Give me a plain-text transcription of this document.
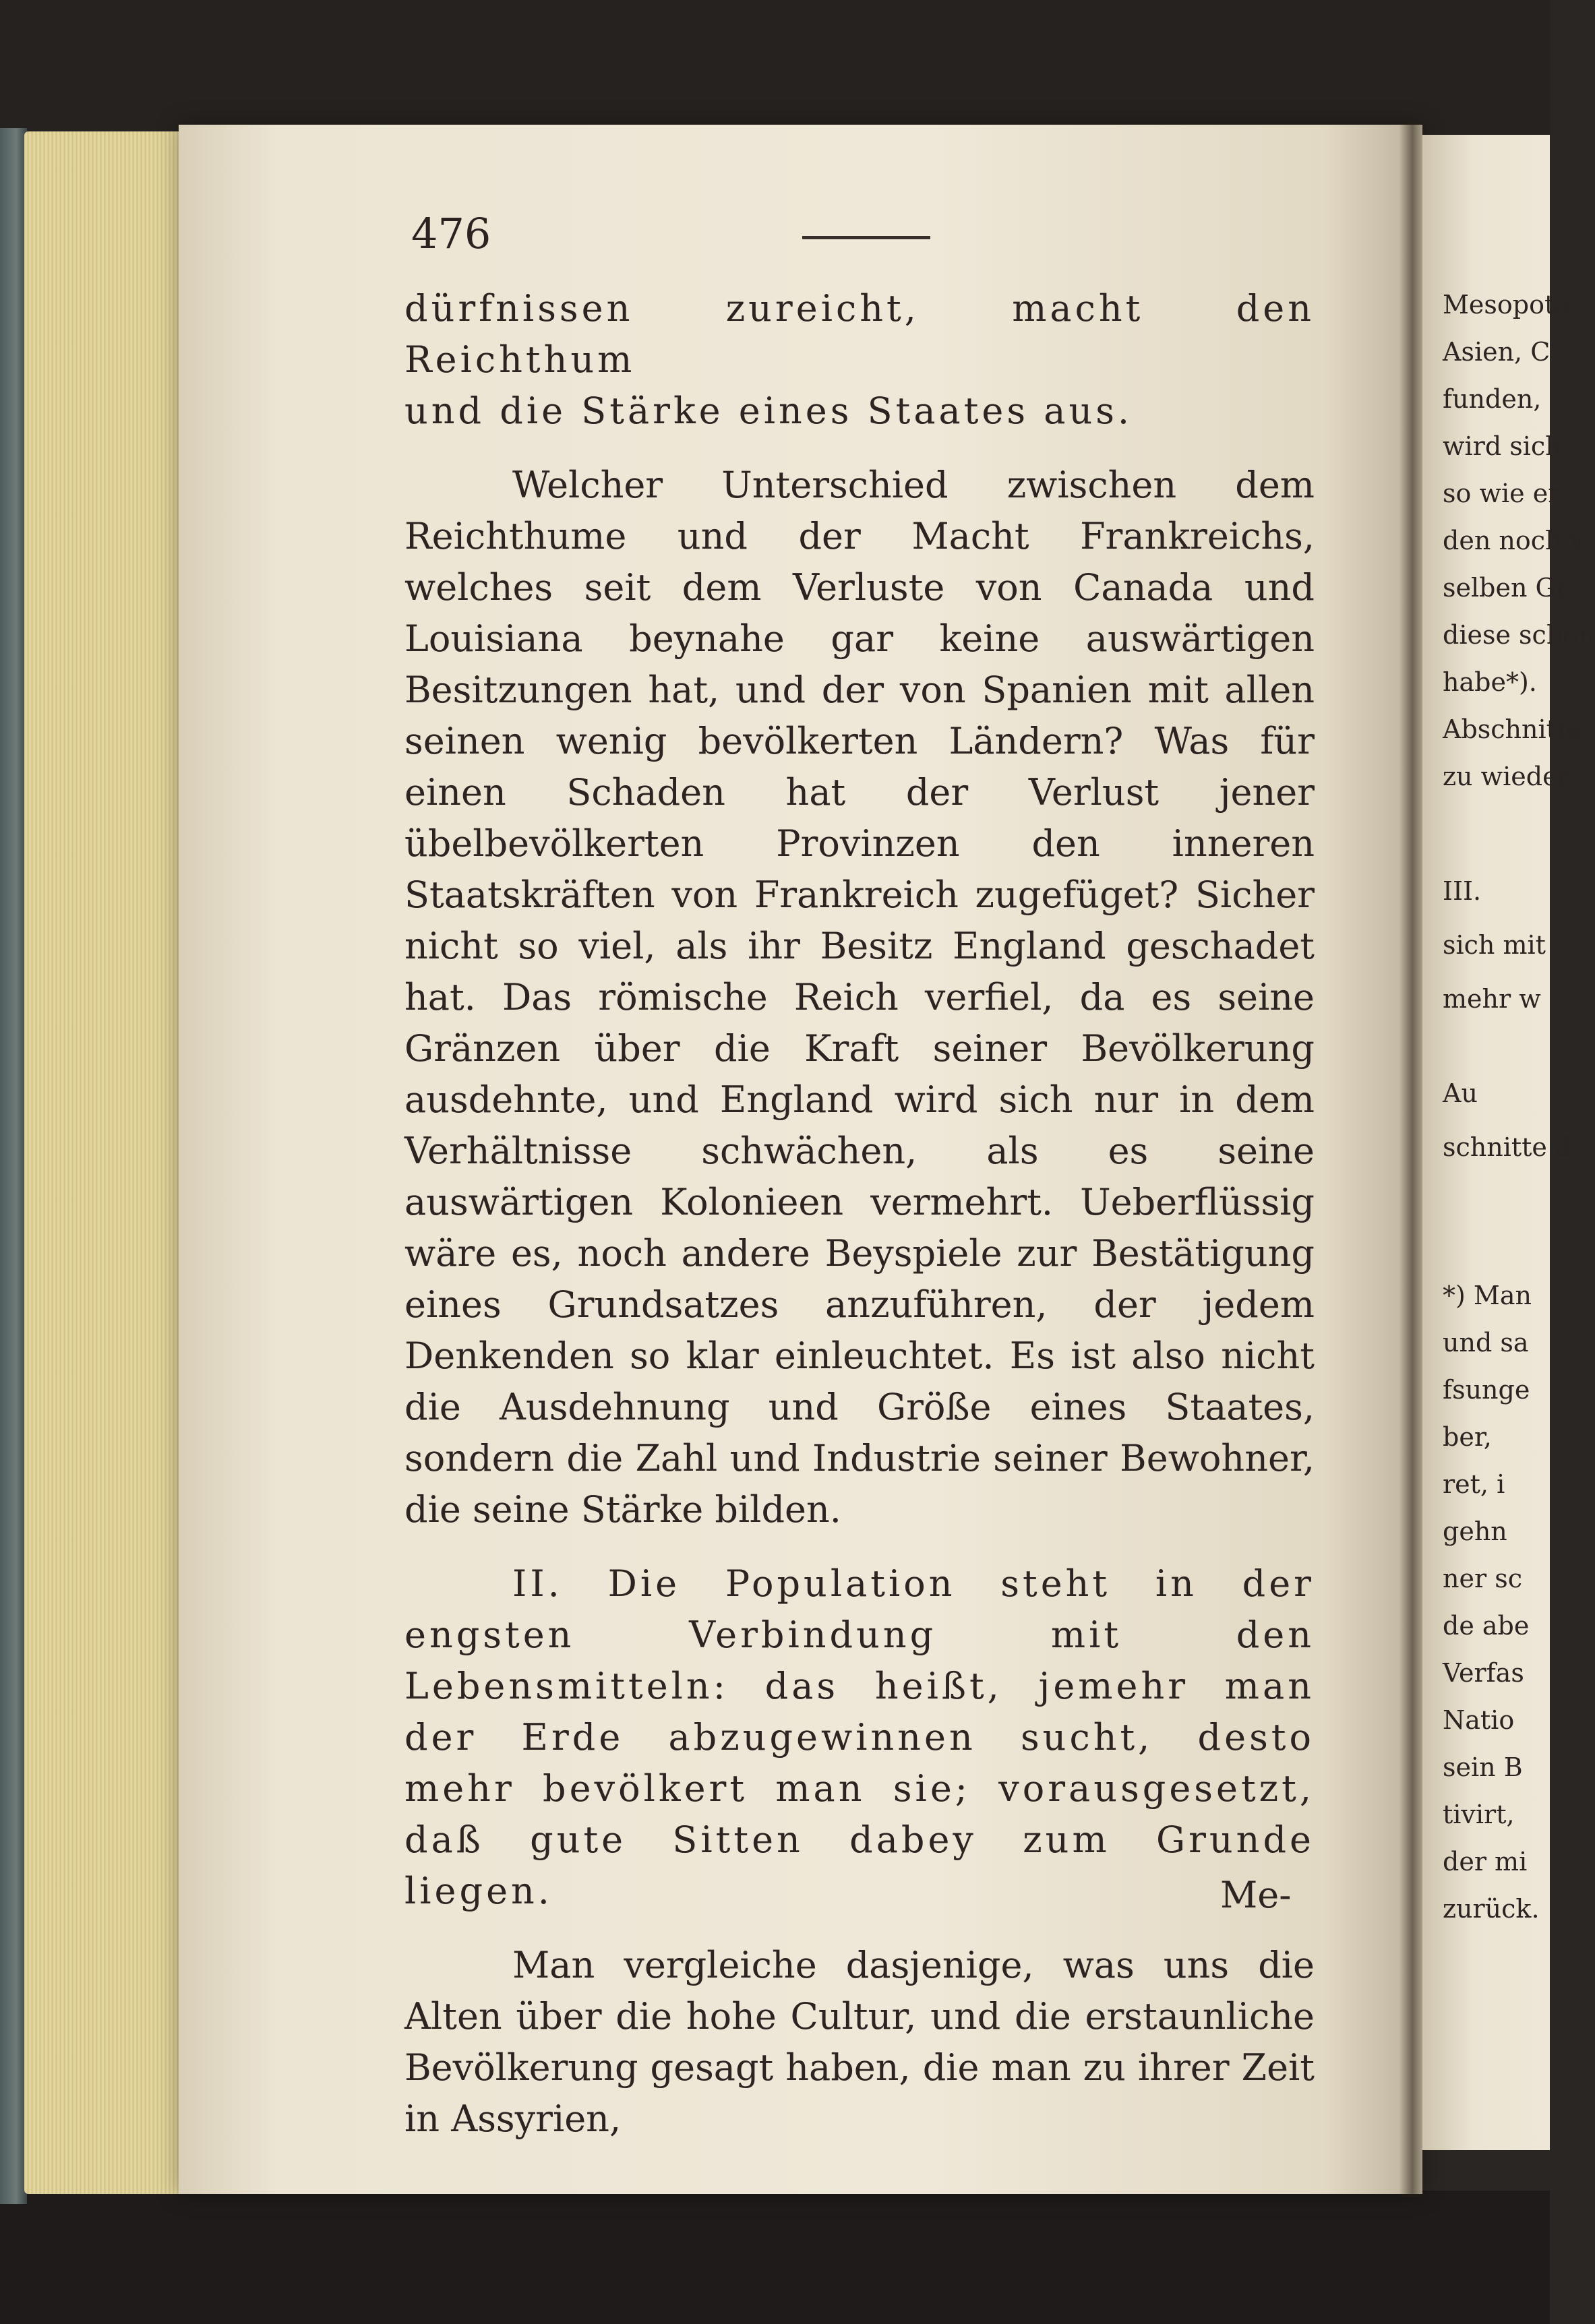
476

dürfnissen zureicht, macht den Reichthum
und die Stärke eines Staates aus.

Welcher Unterschied zwischen dem Reichthume und der Macht Frankreichs, welches seit dem Verluste von Canada und Louisiana beynahe gar keine auswärtigen Besitzungen hat, und der von Spanien mit allen seinen wenig bevölkerten Ländern? Was für einen Schaden hat der Verlust jener übelbevölkerten Provinzen den inneren Staatskräften von Frankreich zugefüget? Sicher nicht so viel, als ihr Besitz England geschadet hat. Das römische Reich verfiel, da es seine Gränzen über die Kraft seiner Bevölkerung ausdehnte, und England wird sich nur in dem Verhältnisse schwächen, als es seine auswärtigen Kolonieen vermehrt. Ueberflüssig wäre es, noch andere Beyspiele zur Bestätigung eines Grundsatzes anzuführen, der jedem Denkenden so klar einleuchtet. Es ist also nicht die Ausdehnung und Größe eines Staates, sondern die Zahl und Industrie seiner Bewohner, die seine Stärke bilden.

II. Die Population steht in der engsten Verbindung mit den Lebensmitteln: das heißt, jemehr man der Erde abzugewinnen sucht, desto mehr bevölkert man sie; vorausgesetzt, daß gute Sitten dabey zum Grunde liegen.

Man vergleiche dasjenige, was uns die Alten über die hohe Cultur, und die erstaunliche Bevölkerung gesagt haben, die man zu ihrer Zeit in Assyrien,

Me-
Mesopota
Asien, C
funden,
wird sich
so wie er
den noch v
selben Gr
diese schön
habe*).
Abschnitte
zu wieder
III.
sich mit
mehr w
Au
schnitte d
*) Man
und sa
fsunge
ber,
ret, i
gehn
ner sc
de abe
Verfas
Natio
sein B
tivirt,
der mi
zurück.
